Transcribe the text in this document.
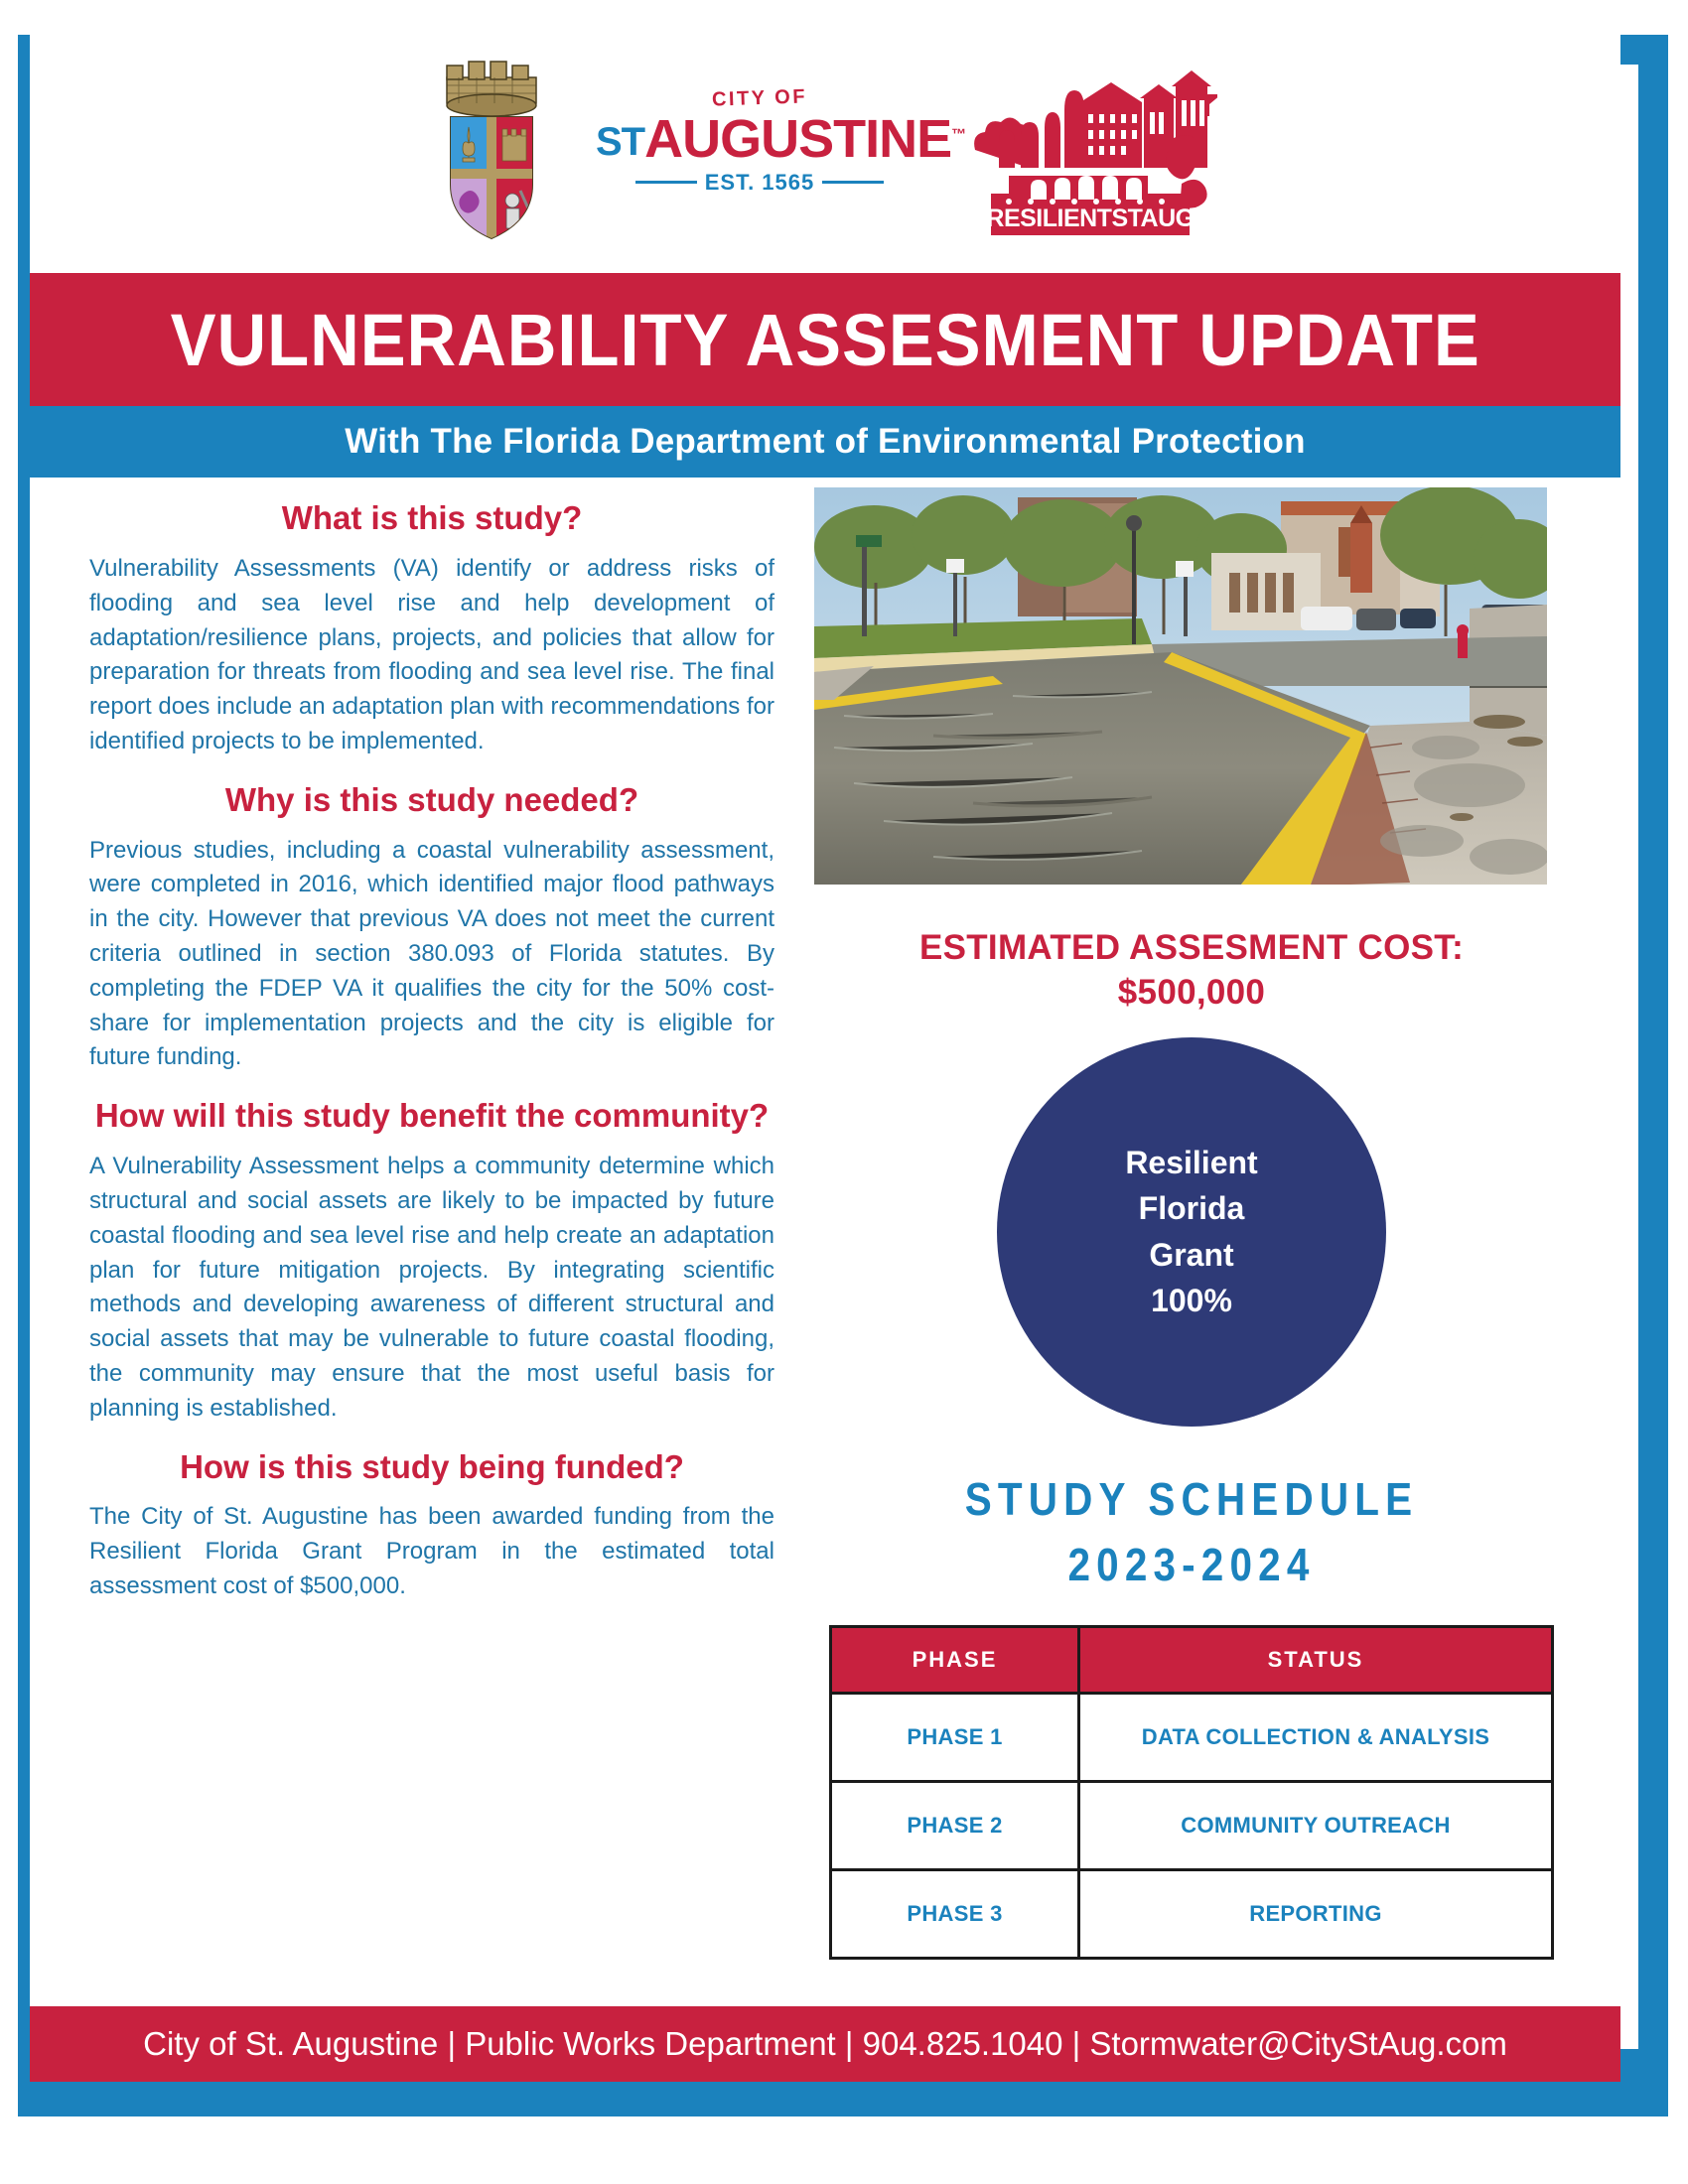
CITY OF
STAUGUSTINE™
EST. 1565
RESILIENTSTAUG
VULNERABILITY ASSESMENT UPDATE
With The Florida Department of Environmental Protection
What is this study?

Vulnerability Assessments (VA) identify or address risks of flooding and sea level rise and help development of adaptation/resilience plans, projects, and policies that allow for preparation for threats from flooding and sea level rise. The final report does include an adaptation plan with recommendations for identified projects to be implemented.

Why is this study needed?

Previous studies, including a coastal vulnerability assessment, were completed in 2016, which identified major flood pathways in the city. However that previous VA does not meet the current criteria outlined in section 380.093 of Florida statutes. By completing the FDEP VA it qualifies the city for the 50% cost-share for implementation projects and the city is eligible for future funding.

How will this study benefit the community?

A Vulnerability Assessment helps a community determine which structural and social assets are likely to be impacted by future coastal flooding and sea level rise and help create an adaptation plan for future mitigation projects. By integrating scientific methods and developing awareness of different structural and social assets that may be vulnerable to future coastal flooding, the community may ensure that the most useful basis for planning is established.

How is this study being funded?

The City of St. Augustine has been awarded funding from the Resilient Florida Grant Program in the estimated total assessment cost of $500,000.

ESTIMATED ASSESMENT COST:
$500,000
Resilient
Florida
Grant
100%
STUDY SCHEDULE
2023-2024
PHASE	STATUS
PHASE 1	DATA COLLECTION & ANALYSIS
PHASE 2	COMMUNITY OUTREACH
PHASE 3	REPORTING
City of St. Augustine | Public Works Department | 904.825.1040 | Stormwater@CityStAug.com
